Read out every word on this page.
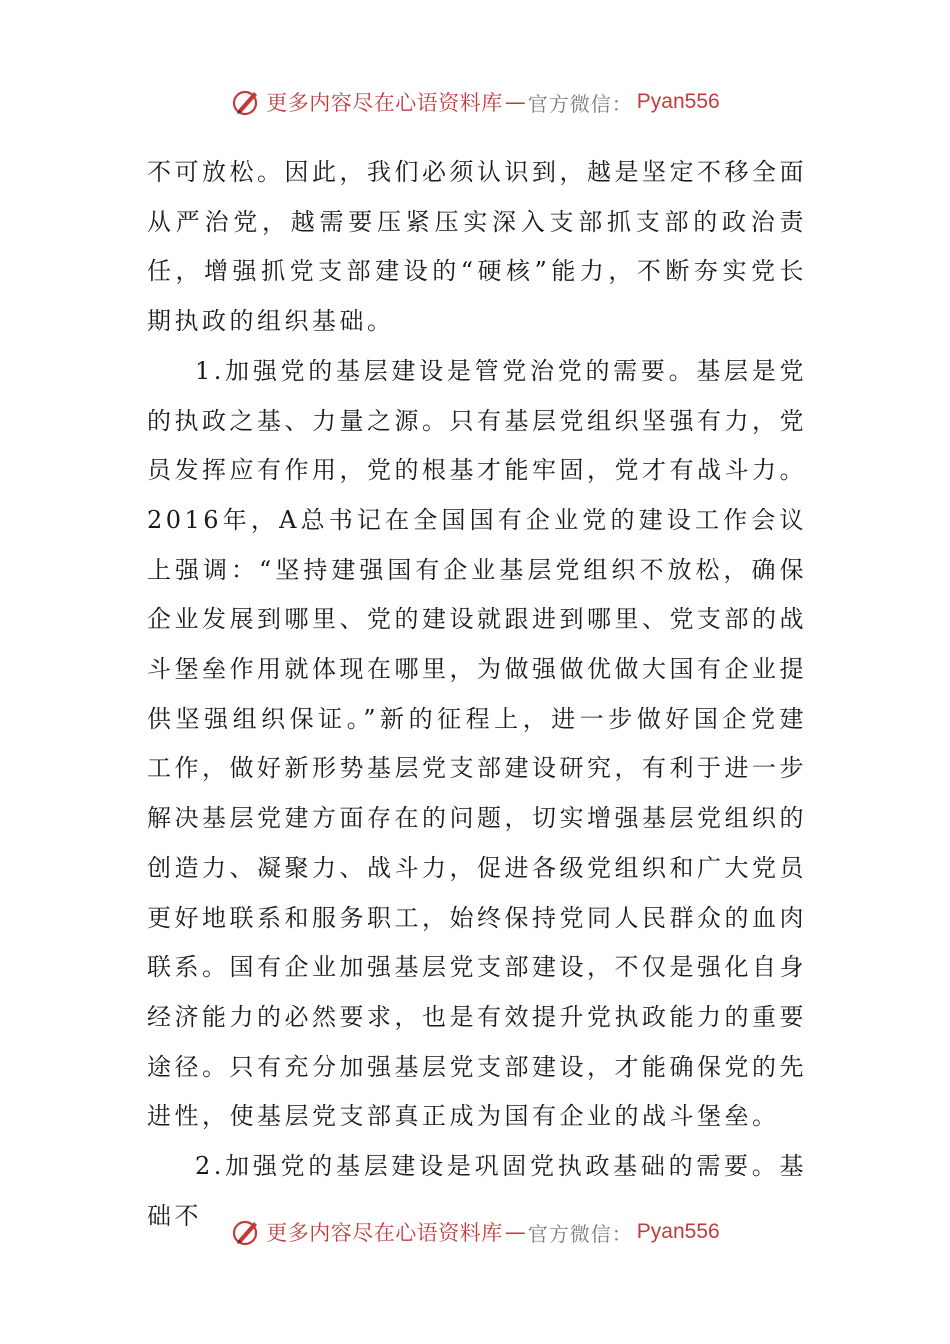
更多内容尽在心语资料库 — 官方微信： Pyan556

不可放松。因此，我们必须认识到，越是坚定不移全面从严治党，越需要压紧压实深入支部抓支部的政治责任，增强抓党支部建设的“硬核”能力，不断夯实党长期执政的组织基础。

1.加强党的基层建设是管党治党的需要。基层是党的执政之基、力量之源。只有基层党组织坚强有力，党员发挥应有作用，党的根基才能牢固，党才有战斗力。2016年，A总书记在全国国有企业党的建设工作会议上强调：“坚持建强国有企业基层党组织不放松，确保企业发展到哪里、党的建设就跟进到哪里、党支部的战斗堡垒作用就体现在哪里，为做强做优做大国有企业提供坚强组织保证。”新的征程上，进一步做好国企党建工作，做好新形势基层党支部建设研究，有利于进一步解决基层党建方面存在的问题，切实增强基层党组织的创造力、凝聚力、战斗力，促进各级党组织和广大党员更好地联系和服务职工，始终保持党同人民群众的血肉联系。国有企业加强基层党支部建设，不仅是强化自身经济能力的必然要求，也是有效提升党执政能力的重要途径。只有充分加强基层党支部建设，才能确保党的先进性，使基层党支部真正成为国有企业的战斗堡垒。

2.加强党的基层建设是巩固党执政基础的需要。基础不

更多内容尽在心语资料库 — 官方微信： Pyan556
